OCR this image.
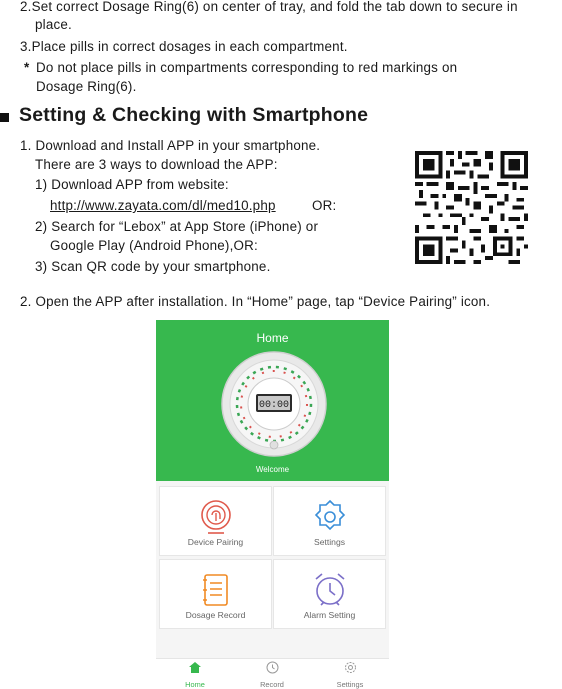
2.Set correct Dosage Ring(6) on center of tray, and fold the tab down to secure in
place.
3.Place pills in correct dosages in each compartment.
* Do not place pills in compartments corresponding to red markings on
Dosage Ring(6).
Setting & Checking with Smartphone
1. Download and Install APP in your smartphone.
There are 3 ways to download the APP:
1) Download APP from website:
http://www.zayata.com/dl/med10.php	OR:
2) Search for “Lebox” at App Store (iPhone) or
Google Play (Android Phone),OR:
3) Scan QR code by your smartphone.
2. Open the APP after installation. In “Home” page, tap “Device Pairing” icon.
Home
00:00
Welcome
Device Pairing	Settings
Dosage Record	Alarm Setting
Home	Record	Settings
